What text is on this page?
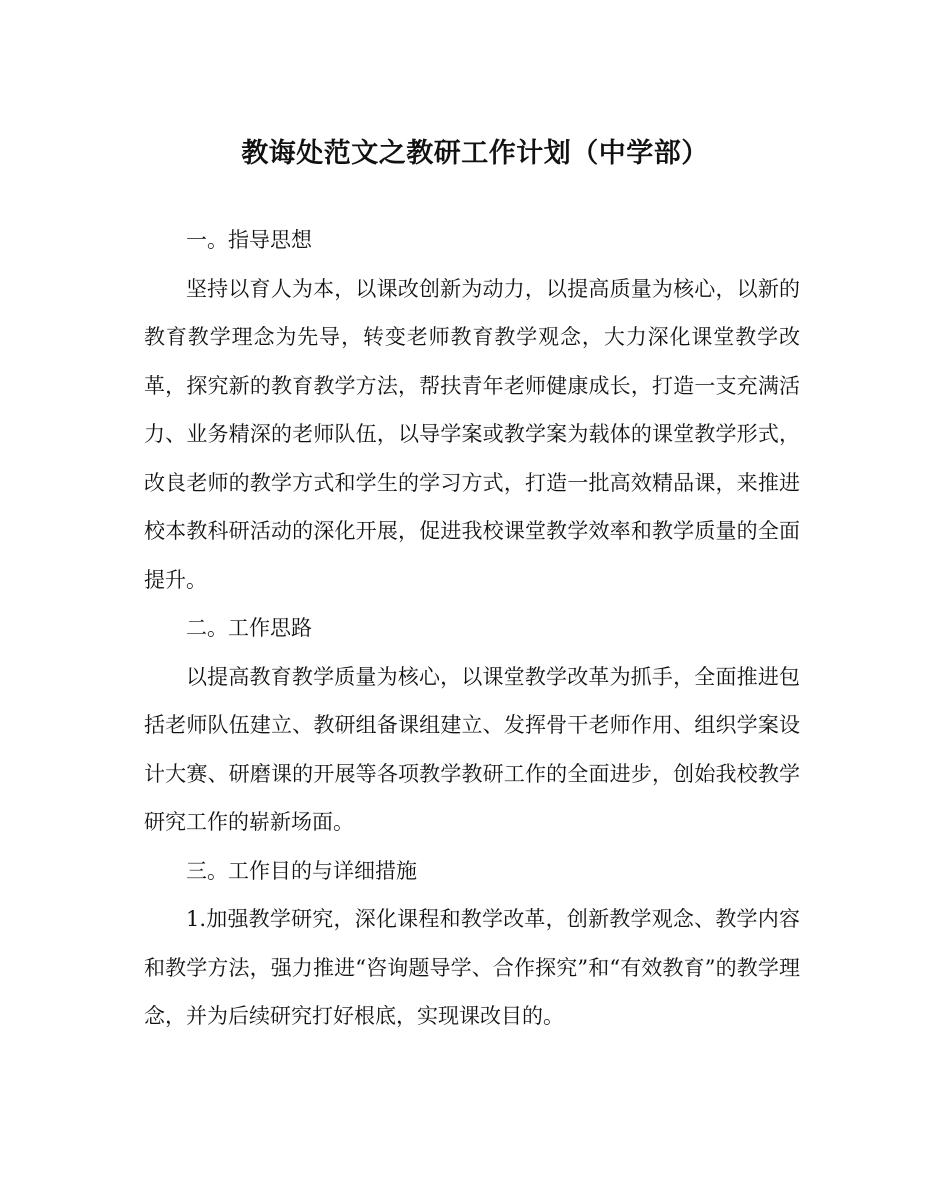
教诲处范文之教研工作计划（中学部）

一。指导思想

坚持以育人为本，以课改创新为动力，以提高质量为核心，以新的教育教学理念为先导，转变老师教育教学观念，大力深化课堂教学改革，探究新的教育教学方法，帮扶青年老师健康成长，打造一支充满活力、业务精深的老师队伍，以导学案或教学案为载体的课堂教学形式，改良老师的教学方式和学生的学习方式，打造一批高效精品课，来推进校本教科研活动的深化开展，促进我校课堂教学效率和教学质量的全面提升。

二。工作思路

以提高教育教学质量为核心，以课堂教学改革为抓手，全面推进包括老师队伍建立、教研组备课组建立、发挥骨干老师作用、组织学案设计大赛、研磨课的开展等各项教学教研工作的全面进步，创始我校教学研究工作的崭新场面。

三。工作目的与详细措施

1.加强教学研究，深化课程和教学改革，创新教学观念、教学内容和教学方法，强力推进“咨询题导学、合作探究”和“有效教育”的教学理念，并为后续研究打好根底，实现课改目的。
